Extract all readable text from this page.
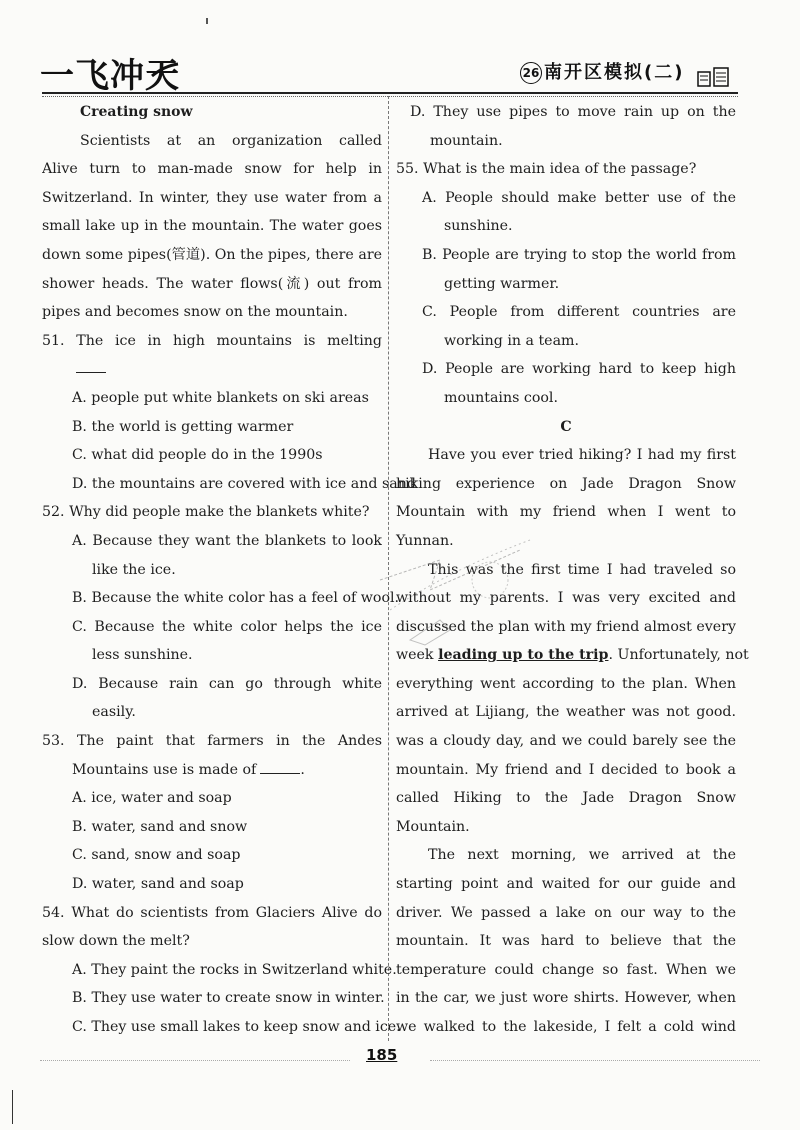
一飞冲天	26 南开区模拟(二)
Creating snow
Scientists at an organization called
Alive turn to man-made snow for help in
Switzerland. In winter, they use water from a
small lake up in the mountain. The water goes
down some pipes(管道). On the pipes, there are
shower heads. The water flows(流) out from
pipes and becomes snow on the mountain.
51. The ice in high mountains is melting
A. people put white blankets on ski areas
B. the world is getting warmer
C. what did people do in the 1990s
D. the mountains are covered with ice and sand
52. Why did people make the blankets white?
A. Because they want the blankets to look
like the ice.
B. Because the white color has a feel of wool.
C. Because the white color helps the ice
less sunshine.
D. Because rain can go through white
easily.
53. The paint that farmers in the Andes
Mountains use is made of	.
A. ice, water and soap
B. water, sand and snow
C. sand, snow and soap
D. water, sand and soap
54. What do scientists from Glaciers Alive do
slow down the melt?
A. They paint the rocks in Switzerland white.
B. They use water to create snow in winter.
C. They use small lakes to keep snow and ice.
D. They use pipes to move rain up on the
mountain.
55. What is the main idea of the passage?
A. People should make better use of the
sunshine.
B. People are trying to stop the world from
getting warmer.
C. People from different countries are
working in a team.
D. People are working hard to keep high
mountains cool.
C
Have you ever tried hiking? I had my first
hiking experience on Jade Dragon Snow
Mountain with my friend when I went to
Yunnan.
This was the first time I had traveled so
without my parents. I was very excited and
discussed the plan with my friend almost every
week leading up to the trip. Unfortunately, not
everything went according to the plan. When
arrived at Lijiang, the weather was not good.
was a cloudy day, and we could barely see the
mountain. My friend and I decided to book a
called Hiking to the Jade Dragon Snow
Mountain.
The next morning, we arrived at the
starting point and waited for our guide and
driver. We passed a lake on our way to the
mountain. It was hard to believe that the
temperature could change so fast. When we
in the car, we just wore shirts. However, when
we walked to the lakeside, I felt a cold wind
185
